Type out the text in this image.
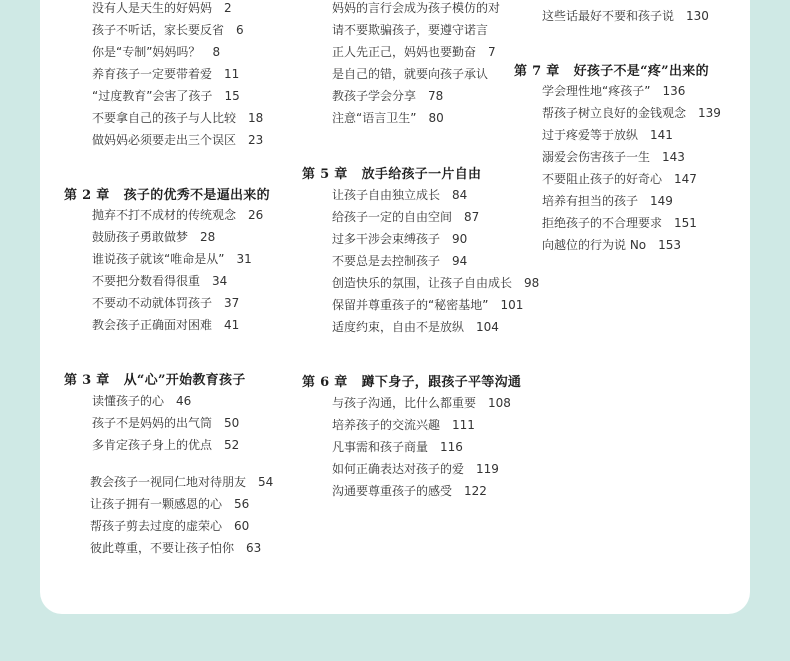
没有人是天生的好妈妈 2
孩子不听话，家长要反省 6
你是“专制”妈妈吗？ 8
养育孩子一定要带着爱 11
“过度教育”会害了孩子 15
不要拿自己的孩子与人比较 18
做妈妈必须要走出三个误区 23
第 2 章 孩子的优秀不是逼出来的
抛弃不打不成材的传统观念 26
鼓励孩子勇敢做梦 28
谁说孩子就该“唯命是从” 31
不要把分数看得很重 34
不要动不动就体罚孩子 37
教会孩子正确面对困难 41
第 3 章 从“心”开始教育孩子
读懂孩子的心 46
孩子不是妈妈的出气筒 50
多肯定孩子身上的优点 52
教会孩子一视同仁地对待朋友 54
让孩子拥有一颗感恩的心 56
帮孩子剪去过度的虚荣心 60
彼此尊重，不要让孩子怕你 63
妈妈的言行会成为孩子模仿的对
请不要欺骗孩子，要遵守诺言
正人先正己，妈妈也要勤奋 7
是自己的错，就要向孩子承认
教孩子学会分享 78
注意“语言卫生” 80
第 5 章 放手给孩子一片自由
让孩子自由独立成长 84
给孩子一定的自由空间 87
过多干涉会束缚孩子 90
不要总是去控制孩子 94
创造快乐的氛围，让孩子自由成长 98
保留并尊重孩子的“秘密基地” 101
适度约束，自由不是放纵 104
第 6 章 蹲下身子，跟孩子平等沟通
与孩子沟通，比什么都重要 108
培养孩子的交流兴趣 111
凡事需和孩子商量 116
如何正确表达对孩子的爱 119
沟通要尊重孩子的感受 122
这些话最好不要和孩子说 130
第 7 章 好孩子不是“疼”出来的
学会理性地“疼孩子” 136
帮孩子树立良好的金钱观念 139
过于疼爱等于放纵 141
溺爱会伤害孩子一生 143
不要阻止孩子的好奇心 147
培养有担当的孩子 149
拒绝孩子的不合理要求 151
向越位的行为说 No 153
